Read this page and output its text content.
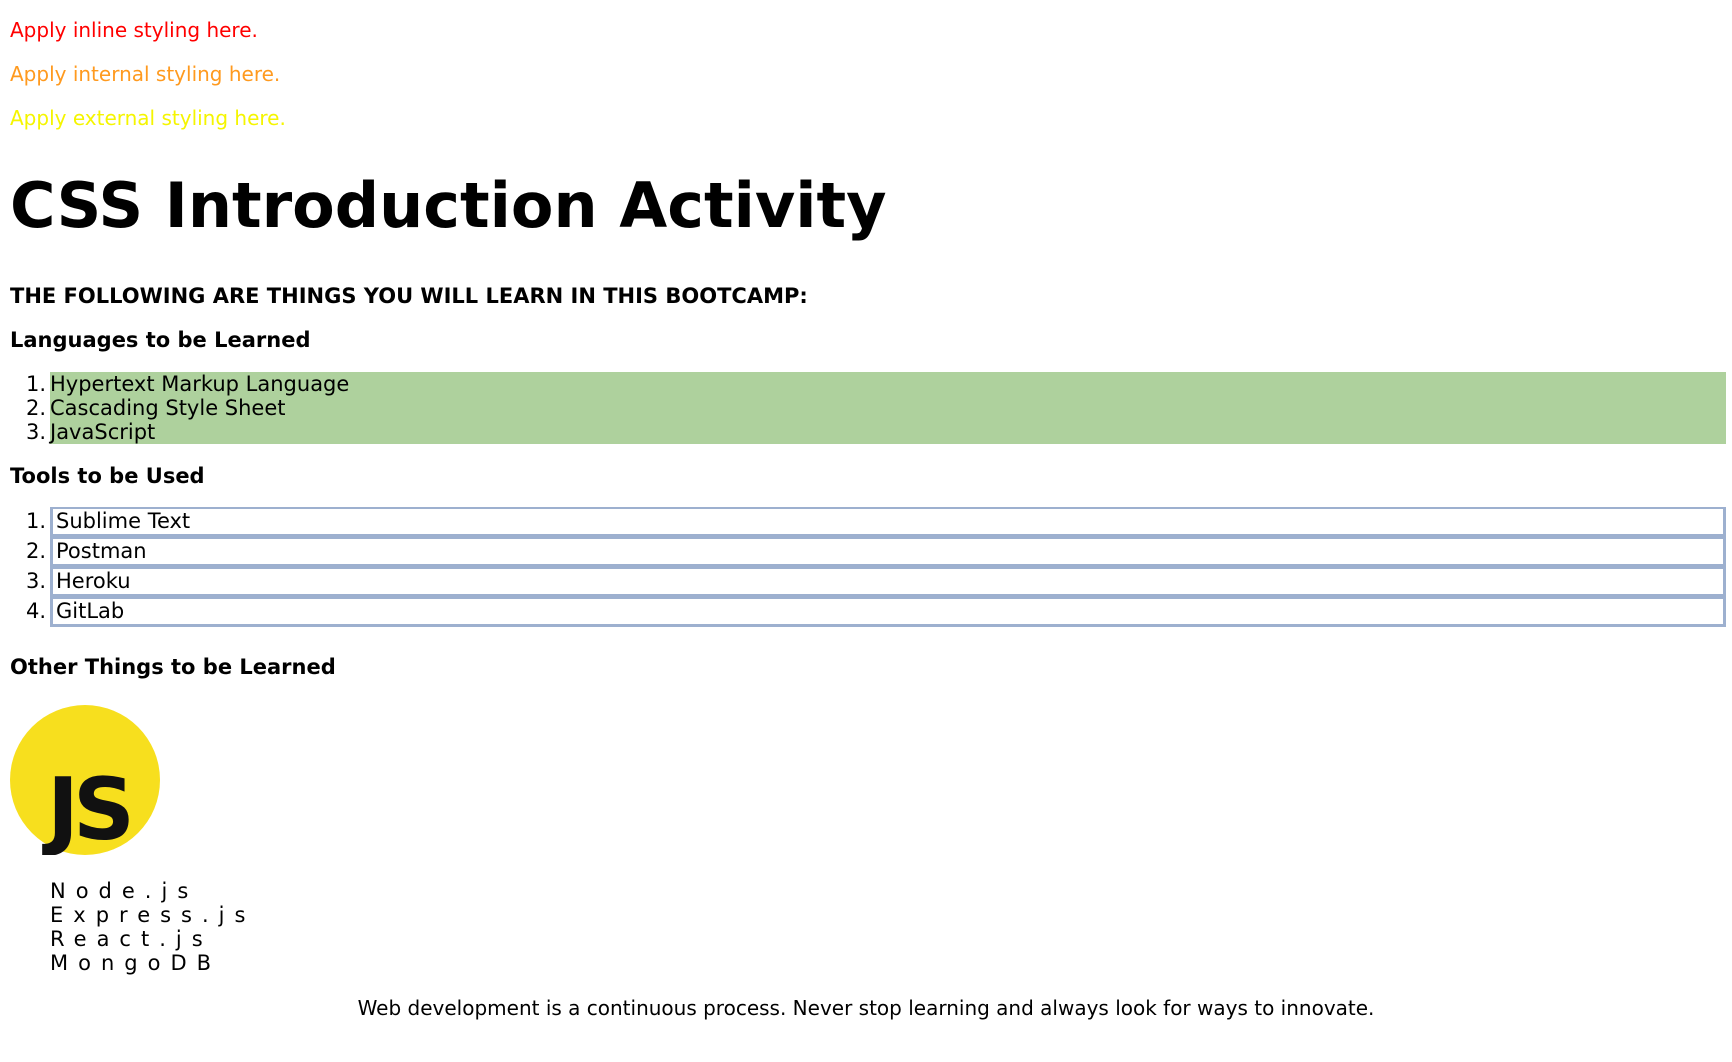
Apply inline styling here.

Apply internal styling here.

Apply external styling here.

CSS Introduction Activity
THE FOLLOWING ARE THINGS YOU WILL LEARN IN THIS BOOTCAMP:
Languages to be Learned
1. Hypertext Markup Language
2. Cascading Style Sheet
3. JavaScript
Tools to be Used
1. Sublime Text
2. Postman
3. Heroku
4. GitLab
Other Things to be Learned
JS
Node.js
Express.js
React.js
MongoDB

Web development is a continuous process. Never stop learning and always look for ways to innovate.
